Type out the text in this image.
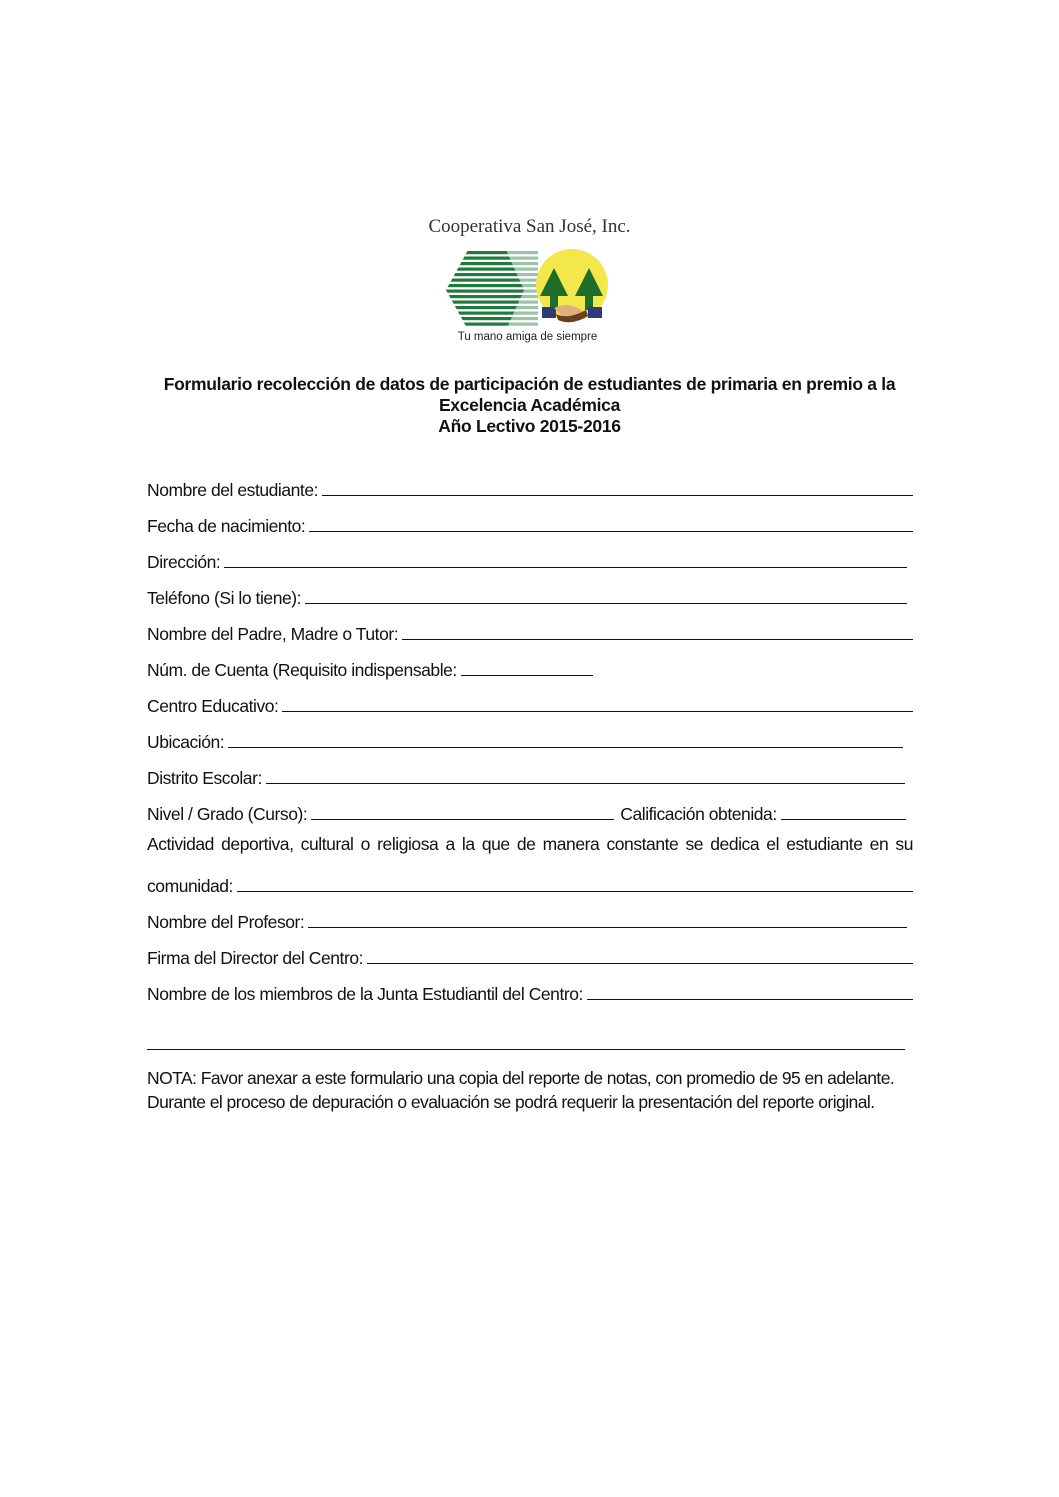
Cooperativa San José, Inc.
Tu mano amiga de siempre
Formulario recolección de datos de participación de estudiantes de primaria en premio a la
Excelencia Académica
Año Lectivo 2015-2016
Nombre del estudiante:
Fecha de nacimiento:
Dirección:
Teléfono (Si lo tiene):
Nombre del Padre, Madre o Tutor:
Núm. de Cuenta (Requisito indispensable:
Centro Educativo:
Ubicación:
Distrito Escolar:
Nivel / Grado (Curso):	Calificación obtenida:
Actividad deportiva, cultural o religiosa a la que de manera constante se dedica el estudiante en su
comunidad:
Nombre del Profesor:
Firma del Director del Centro:
Nombre de los miembros de la Junta Estudiantil del Centro:
NOTA: Favor anexar a este formulario una copia del reporte de notas, con promedio de 95 en adelante.
Durante el proceso de depuración o evaluación se podrá requerir la presentación del reporte original.
